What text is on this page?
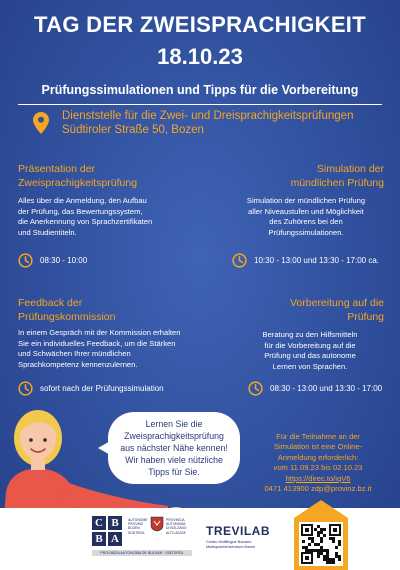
TAG DER ZWEISPRACHIGKEIT
18.10.23
Prüfungssimulationen und Tipps für die Vorbereitung
Dienststelle für die Zwei- und Dreisprachigkeitsprüfungen
Südtiroler Straße 50, Bozen
Präsentation der
Zweisprachigkeitsprüfung
Alles über die Anmeldung, den Aufbau
der Prüfung, das Bewertungssystem,
die Anerkennung von Sprachzertifikaten
und Studientiteln.
08:30 - 10:00
Simulation der
mündlichen Prüfung
Simulation der mündlichen Prüfung
aller Niveaustufen und Möglichkeit
des Zuhörens bei den
Prüfungssimulationen.
10:30 - 13:00 und 13:30 - 17:00 ca.
Feedback der
Prüfungskommission
In einem Gespräch mit der Kommission erhalten
Sie ein individuelles Feedback, um die Stärken
und Schwächen Ihrer mündlichen
Sprachkompetenz kennenzulernen.
sofort nach der Prüfungssimulation
Vorbereitung auf die
Prüfung
Beratung zu den Hilfsmitteln
für die Vorbereitung auf die
Prüfung und das autonome
Lernen von Sprachen.
08:30 - 13:00 und 13:30 - 17:00
Lernen Sie die
Zweisprachigkeitsprüfung
aus nächster Nähe kennen!
Wir haben viele nützliche
Tipps für Sie.
Für die Teilnahme an der
Simulation ist eine Online-
Anmeldung erforderlich:
vom 11.09.23 bis 02.10.23
https://direc.to/iqV6
0471 413900 zdp@provinz.bz.it
C B
B A
AUTONOME
PROVINZ
BOZEN
SÜDTIROL
PROVINCIA
AUTONOMA
DI BOLZANO
ALTO ADIGE
PROVINZIA AUTONOMA DE BULSAN · SÜDTIROL
TREVILAB
Centro Multilingue Bolzano
Multisprachenzentrum Bozen
